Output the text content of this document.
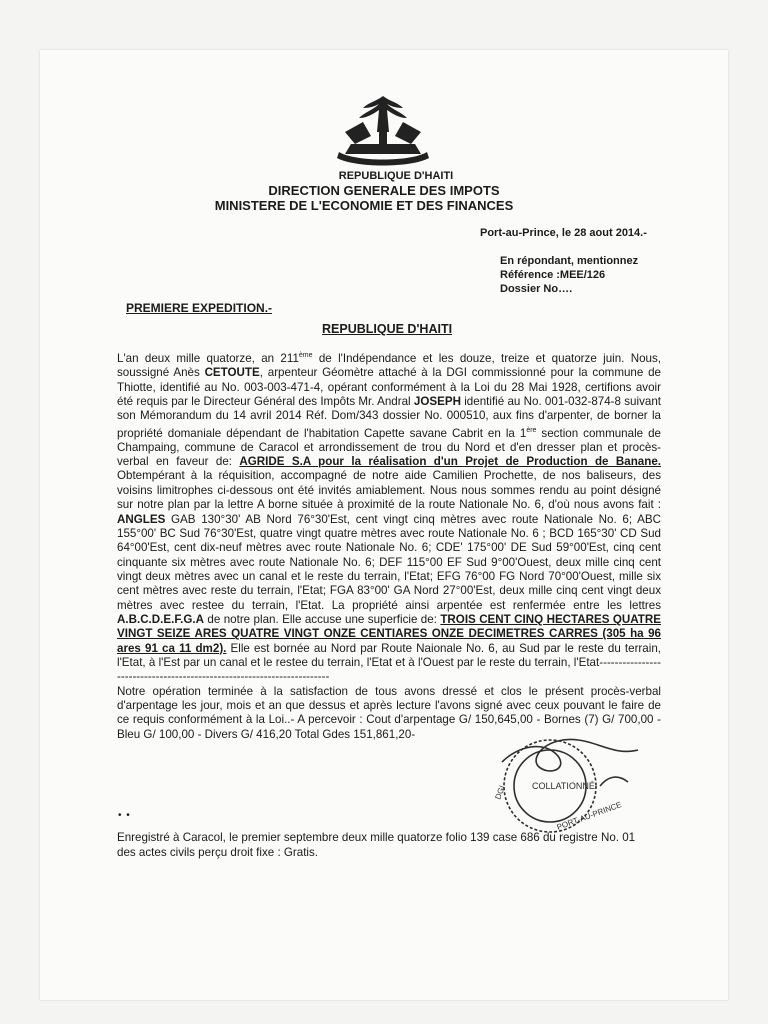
REPUBLIQUE D'HAITI
DIRECTION GENERALE DES IMPOTS
MINISTERE DE L'ECONOMIE ET DES FINANCES
Port-au-Prince, le 28 aout 2014.-
En répondant, mentionnez
Référence :MEE/126
Dossier No….
PREMIERE EXPEDITION.-
REPUBLIQUE D'HAITI

L'an deux mille quatorze, an 211ème de l'Indépendance et les douze, treize et quatorze juin. Nous, soussigné Anès CETOUTE, arpenteur Géomètre attaché à la DGI commissionné pour la commune de Thiotte, identifié au No. 003-003-471-4, opérant conformément à la Loi du 28 Mai 1928, certifions avoir été requis par le Directeur Général des Impôts Mr. Andral JOSEPH identifié au No. 001-032-874-8 suivant son Mémorandum du 14 avril 2014 Réf. Dom/343 dossier No. 000510, aux fins d'arpenter, de borner la propriété domaniale dépendant de l'habitation Capette savane Cabrit en la 1ère section communale de Champaing, commune de Caracol et arrondissement de trou du Nord et d'en dresser plan et procès-verbal en faveur de: AGRIDE S.A pour la réalisation d'un Projet de Production de Banane. Obtempérant à la réquisition, accompagné de notre aide Camilien Prochette, de nos baliseurs, des voisins limitrophes ci-dessous ont été invités amiablement. Nous nous sommes rendu au point désigné sur notre plan par la lettre A borne située à proximité de la route Nationale No. 6, d'où nous avons fait : ANGLES GAB 130°30' AB Nord 76°30'Est, cent vingt cinq mètres avec route Nationale No. 6; ABC 155°00' BC Sud 76°30'Est, quatre vingt quatre mètres avec route Nationale No. 6 ; BCD 165°30' CD Sud 64°00'Est, cent dix-neuf mètres avec route Nationale No. 6; CDE' 175°00' DE Sud 59°00'Est, cinq cent cinquante six mètres avec route Nationale No. 6; DEF 115°00 EF Sud 9°00'Ouest, deux mille cinq cent vingt deux mètres avec un canal et le reste du terrain, l'Etat; EFG 76°00 FG Nord 70°00'Ouest, mille six cent mètres avec reste du terrain, l'Etat; FGA 83°00' GA Nord 27°00'Est, deux mille cinq cent vingt deux mètres avec restee du terrain, l'Etat. La propriété ainsi arpentée est renfermée entre les lettres A.B.C.D.E.F.G.A de notre plan. Elle accuse une superficie de: TROIS CENT CINQ HECTARES QUATRE VINGT SEIZE ARES QUATRE VINGT ONZE CENTIARES ONZE DECIMETRES CARRES (305 ha 96 ares 91 ca 11 dm2). Elle est bornée au Nord par Route Naionale No. 6, au Sud par le reste du terrain, l'Etat, à l'Est par un canal et le restee du terrain, l'Etat et à l'Ouest par le reste du terrain, l'Etat-----------------------------------------------------------------------

Notre opération terminée à la satisfaction de tous avons dressé et clos le présent procès-verbal d'arpentage les jour, mois et an que dessus et après lecture l'avons signé avec ceux pouvant le faire de ce requis conformément à la Loi..- A percevoir : Cout d'arpentage G/ 150,645,00 - Bornes (7) G/ 700,00 - Bleu G/ 100,00 - Divers G/ 416,20 Total Gdes 151,861,20-

COLLATIONNÉ
PORT-AU-PRINCE
DGI
• •
Enregistré à Caracol, le premier septembre deux mille quatorze folio 139 case 686 du registre No. 01 des actes civils perçu droit fixe : Gratis.
